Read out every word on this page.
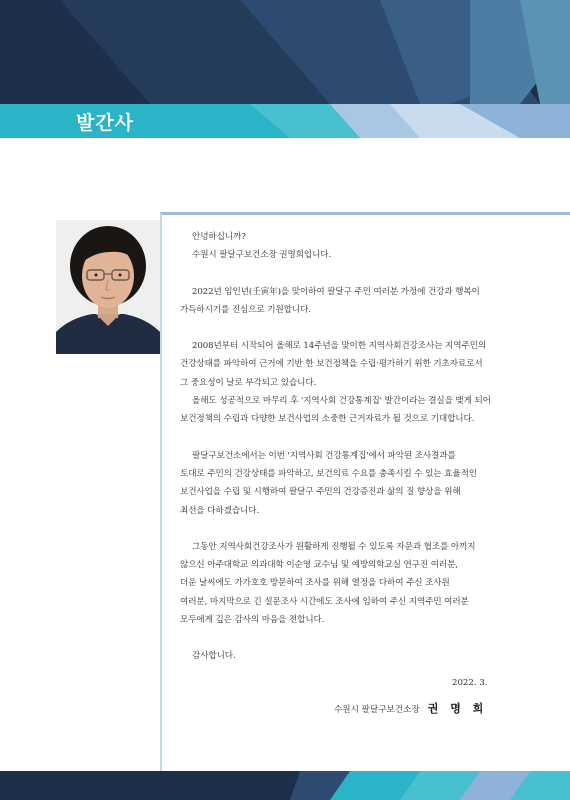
발간사

안녕하십니까?

수원시 팔달구보건소장 권명희입니다.

2022년 임인년(壬寅年)을 맞이하여 팔달구 주민 여러분 가정에 건강과 행복이

가득하시기를 진심으로 기원합니다.

2008년부터 시작되어 올해로 14주년을 맞이한 지역사회건강조사는 지역주민의

건강상태를 파악하여 근거에 기반 한 보건정책을 수립·평가하기 위한 기초자료로서

그 중요성이 날로 부각되고 있습니다.

올해도 성공적으로 마무리 후 '지역사회 건강통계집' 발간이라는 결실을 맺게 되어

보건정책의 수립과 다양한 보건사업의 소중한 근거자료가 될 것으로 기대합니다.

팔달구보건소에서는 이번 '지역사회 건강통계집'에서 파악된 조사결과를

토대로 주민의 건강상태를 파악하고, 보건의료 수요를 충족시킬 수 있는 효율적인

보건사업을 수립 및 시행하여 팔달구 주민의 건강증진과 삶의 질 향상을 위해

최선을 다하겠습니다.

그동안 지역사회건강조사가 원활하게 진행될 수 있도록 자문과 협조를 아끼지

않으신 아주대학교 의과대학 이순영 교수님 및 예방의학교실 연구진 여러분,

더운 날씨에도 가가호호 방문하여 조사를 위해 열정을 다하여 주신 조사원

여러분, 마지막으로 긴 설문조사 시간에도 조사에 임하여 주신 지역주민 여러분

모두에게 깊은 감사의 마음을 전합니다.

감사합니다.

2022. 3.
수원시 팔달구보건소장 권 명 희
